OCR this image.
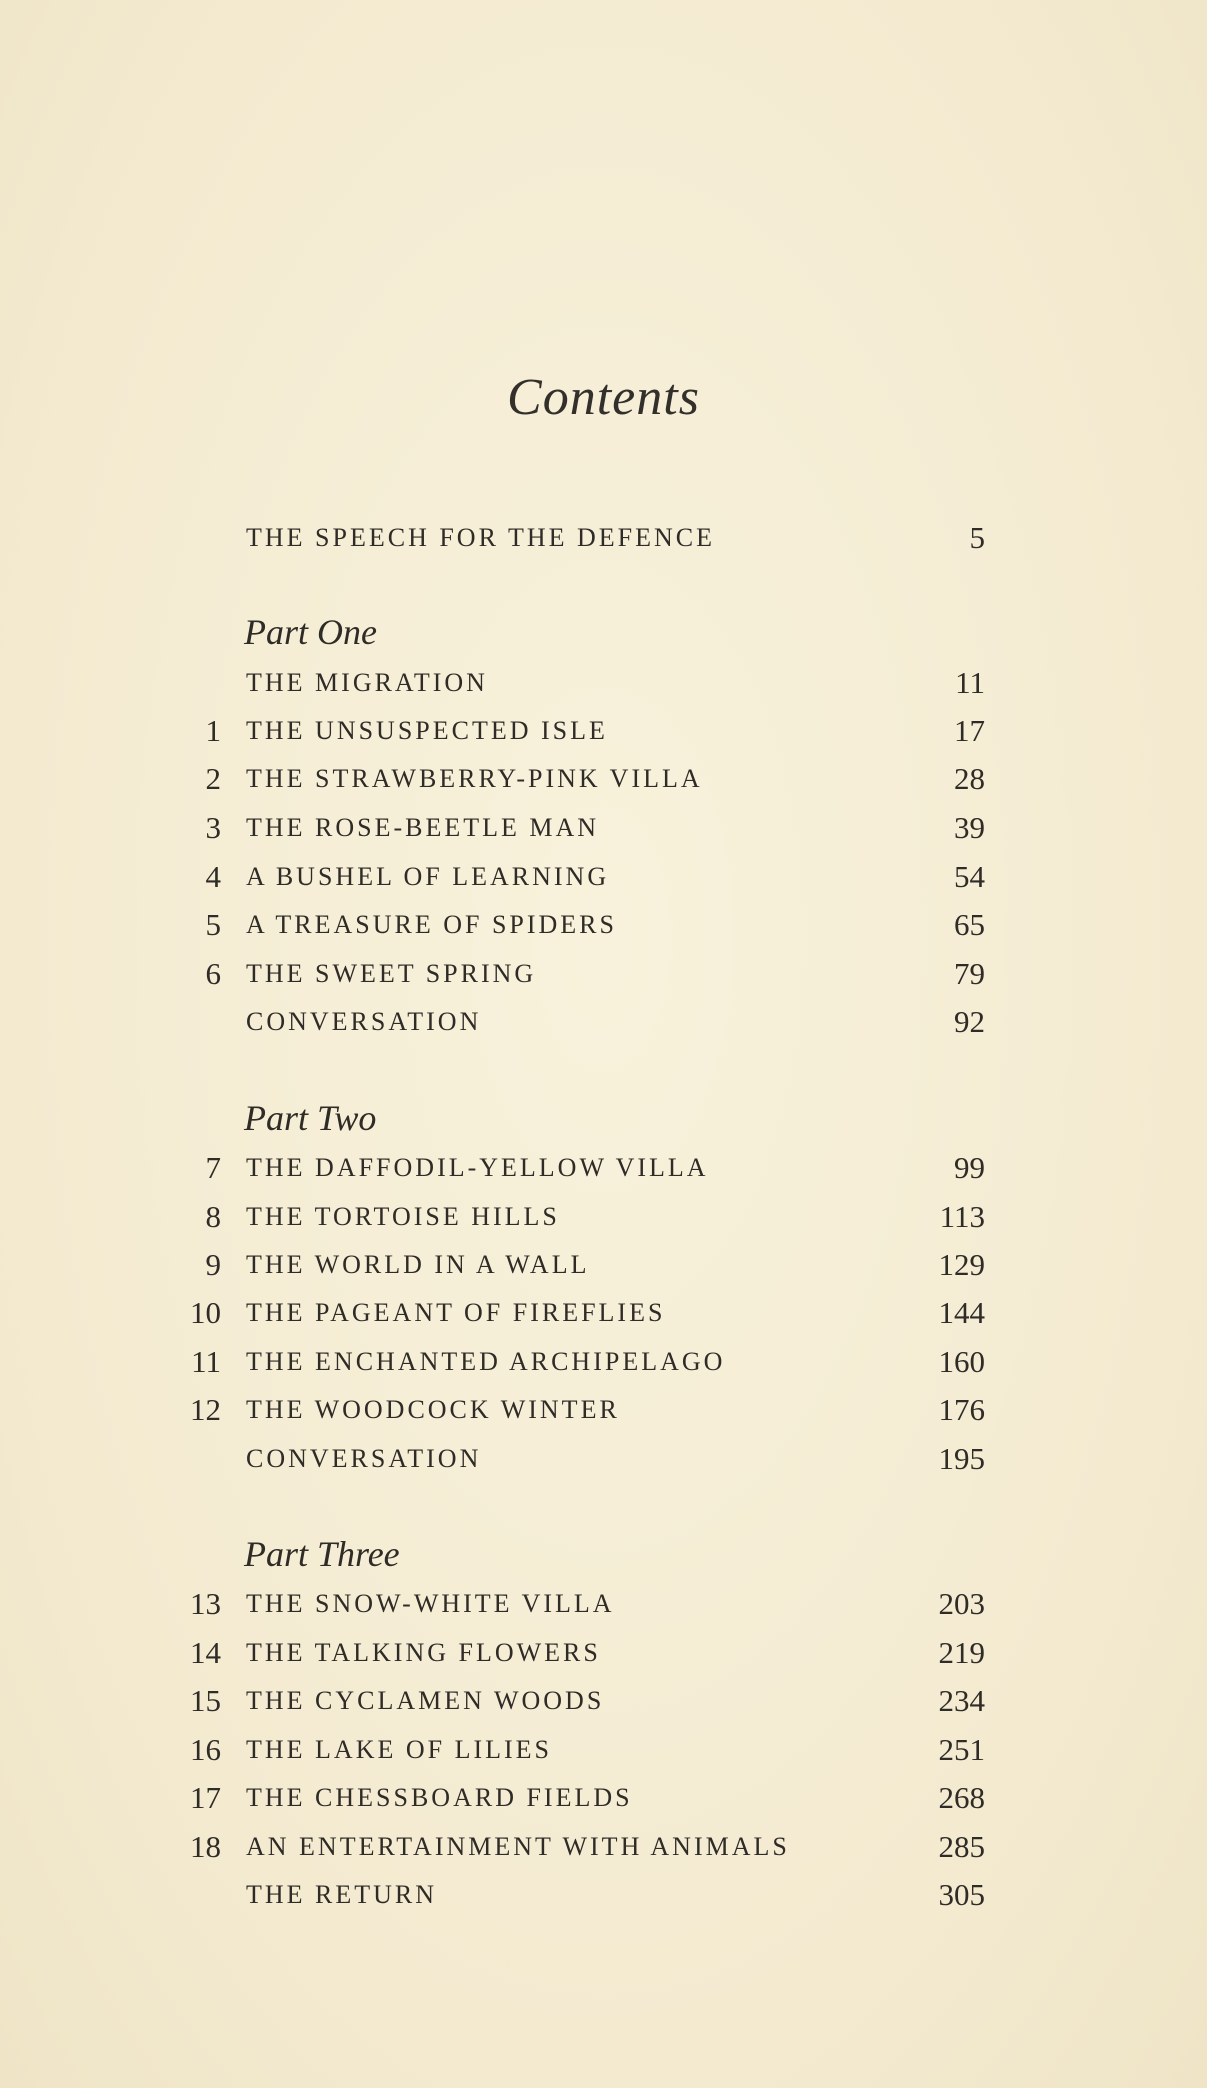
Contents
THE SPEECH FOR THE DEFENCE	5
Part One
THE MIGRATION	11
1 THE UNSUSPECTED ISLE	17
2 THE STRAWBERRY-PINK VILLA	28
3 THE ROSE-BEETLE MAN	39
4 A BUSHEL OF LEARNING	54
5 A TREASURE OF SPIDERS	65
6 THE SWEET SPRING	79
CONVERSATION	92
Part Two
7 THE DAFFODIL-YELLOW VILLA	99
8 THE TORTOISE HILLS	113
9 THE WORLD IN A WALL	129
10 THE PAGEANT OF FIREFLIES	144
11 THE ENCHANTED ARCHIPELAGO	160
12 THE WOODCOCK WINTER	176
CONVERSATION	195
Part Three
13 THE SNOW-WHITE VILLA	203
14 THE TALKING FLOWERS	219
15 THE CYCLAMEN WOODS	234
16 THE LAKE OF LILIES	251
17 THE CHESSBOARD FIELDS	268
18 AN ENTERTAINMENT WITH ANIMALS	285
THE RETURN	305
